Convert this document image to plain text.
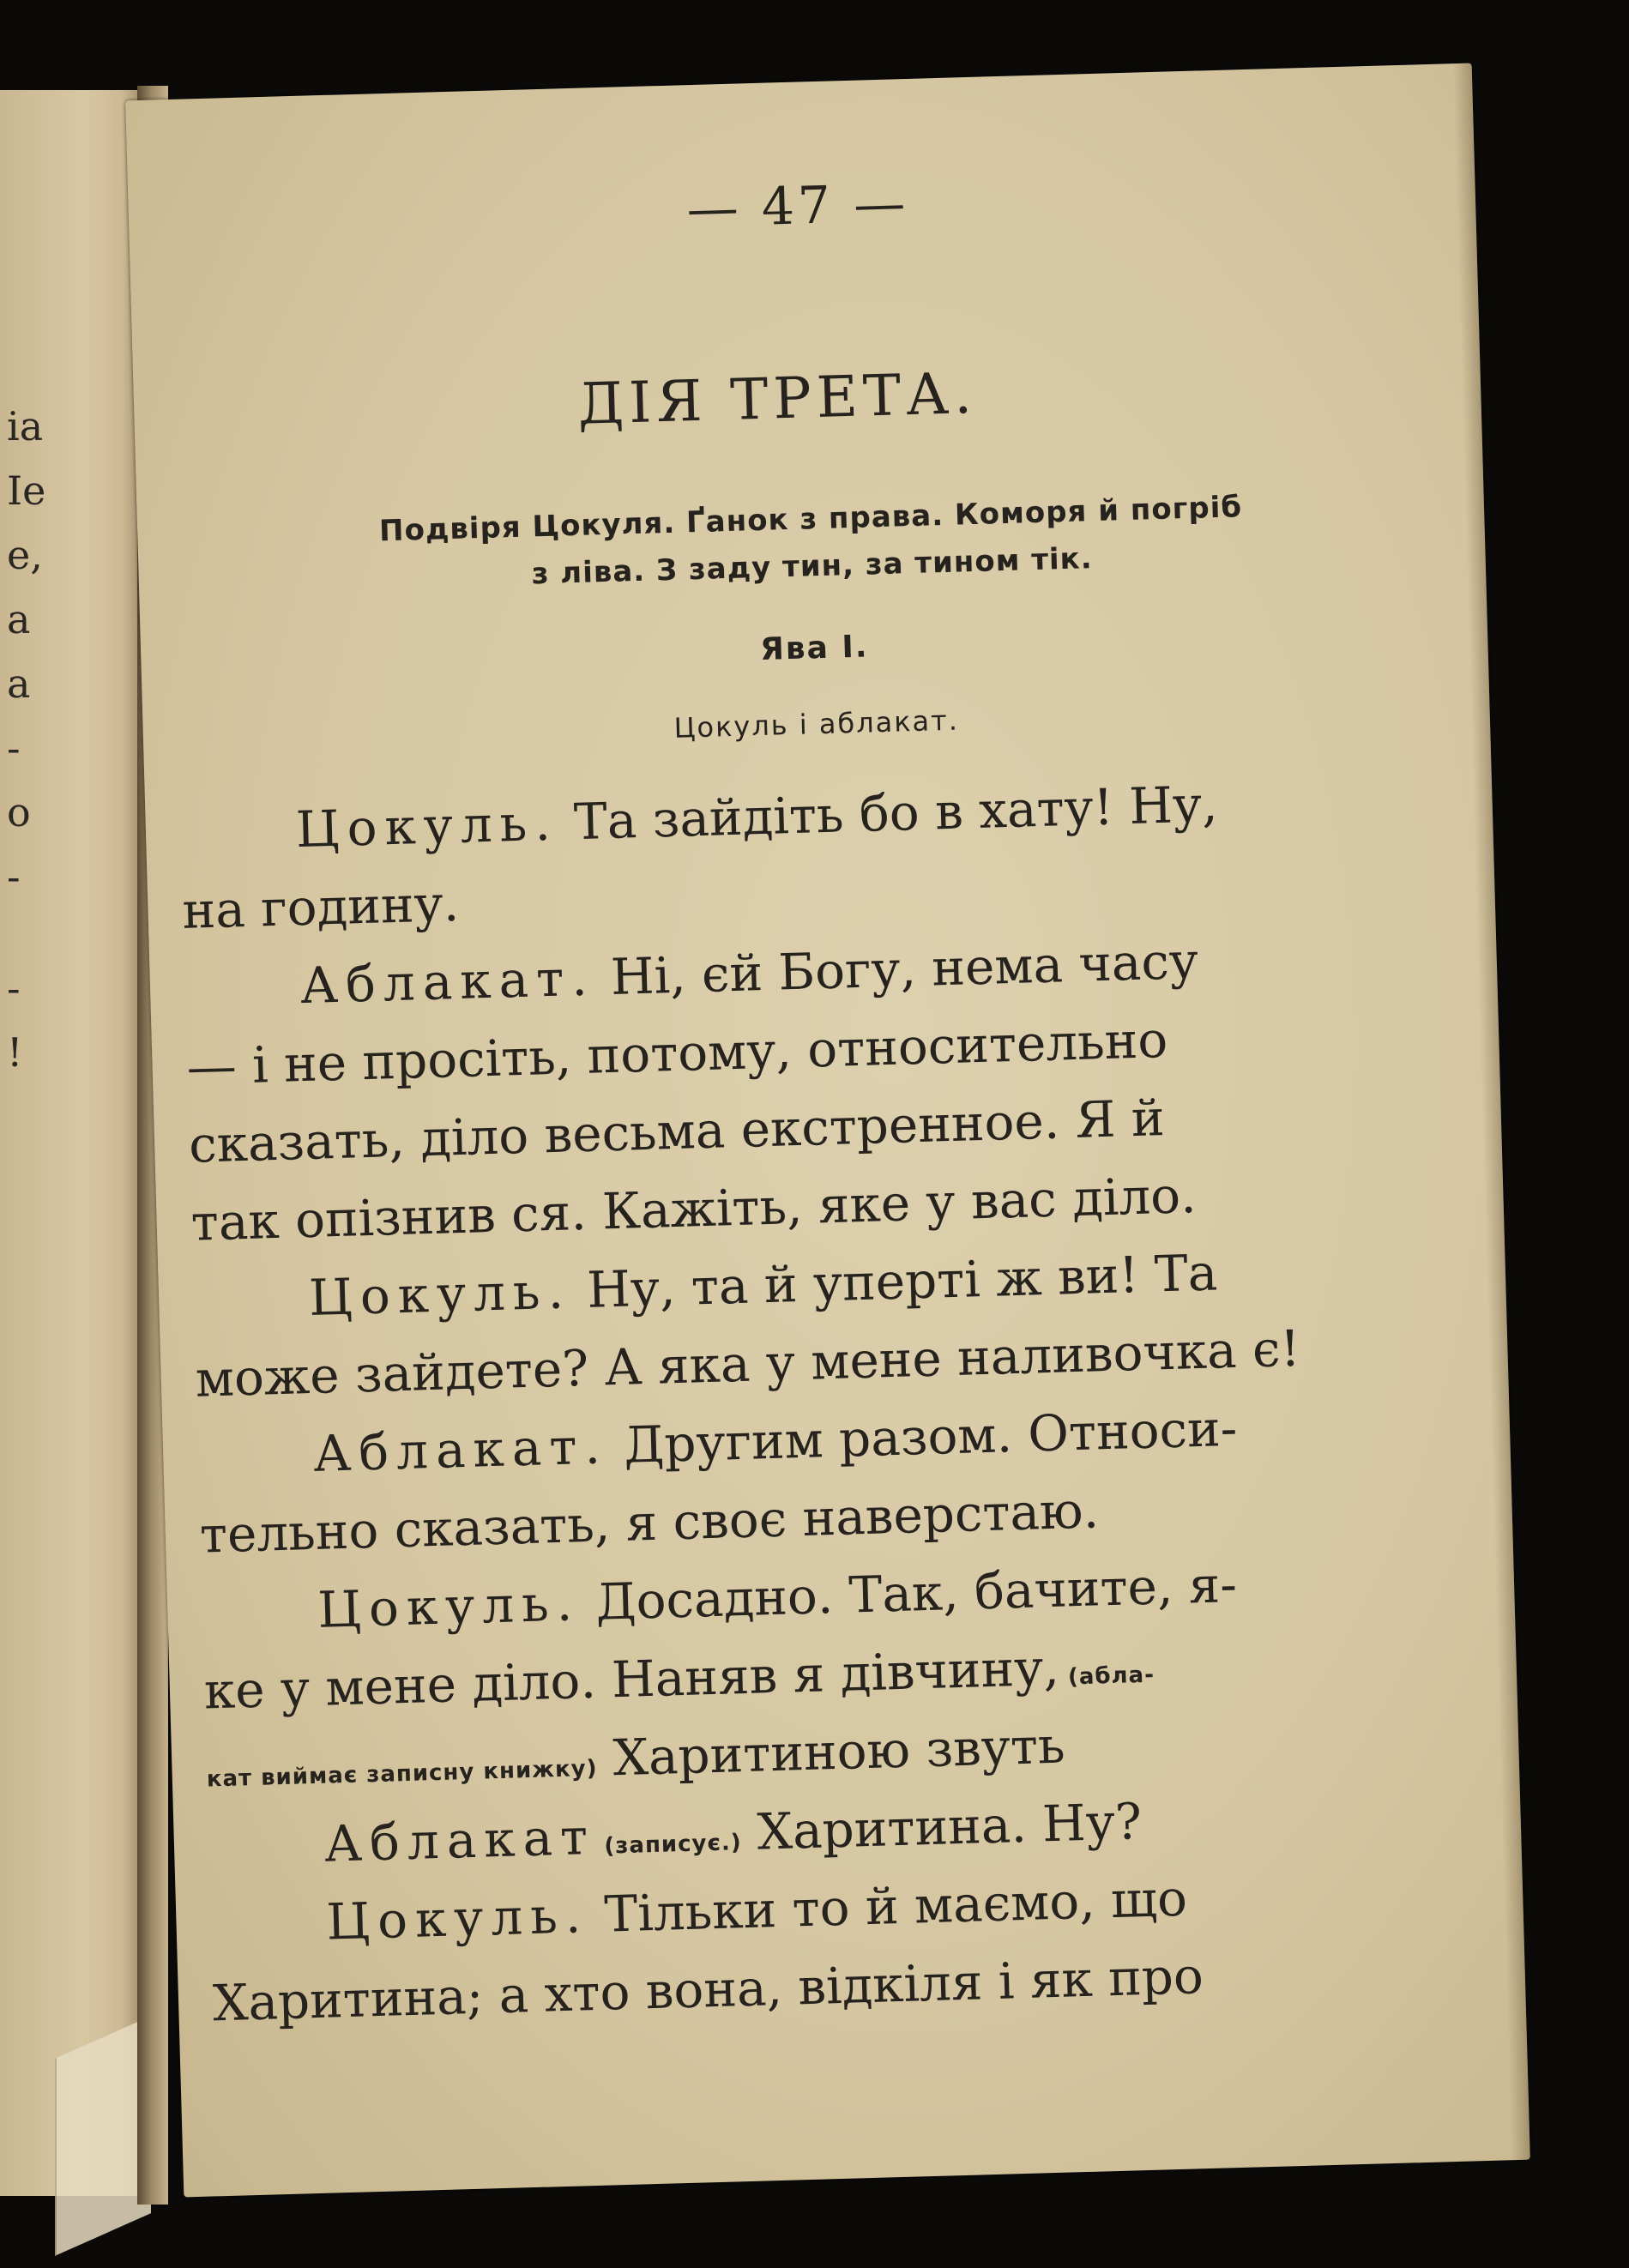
іа
Іе
е,
а
а
-
о
-
-
!
— 47 —
ДІЯ ТРЕТА.
Подвіря Цокуля. Ґанок з права. Коморя й погріб
з ліва. З заду тин, за тином тік.
Ява І.
Цокуль і аблакат.
Цокуль. Та зайдіть бо в хату! Ну,
на годину.
Аблакат. Ні, єй Богу, нема часу
— і не просіть, потому, относительно
сказать, діло весьма екстренное. Я й
так опізнив ся. Кажіть, яке у вас діло.
Цокуль. Ну, та й уперті ж ви! Та
може зайдете? А яка у мене наливочка є!
Аблакат. Другим разом. Относи-
тельно сказать, я своє наверстаю.
Цокуль. Досадно. Так, бачите, я-
ке у мене діло. Наняв я дівчину, (абла-
кат виймає записну книжку) Харитиною звуть
Аблакат (записує.) Харитина. Ну?
Цокуль. Тільки то й маємо, що
Харитина; а хто вона, відкіля і як про
